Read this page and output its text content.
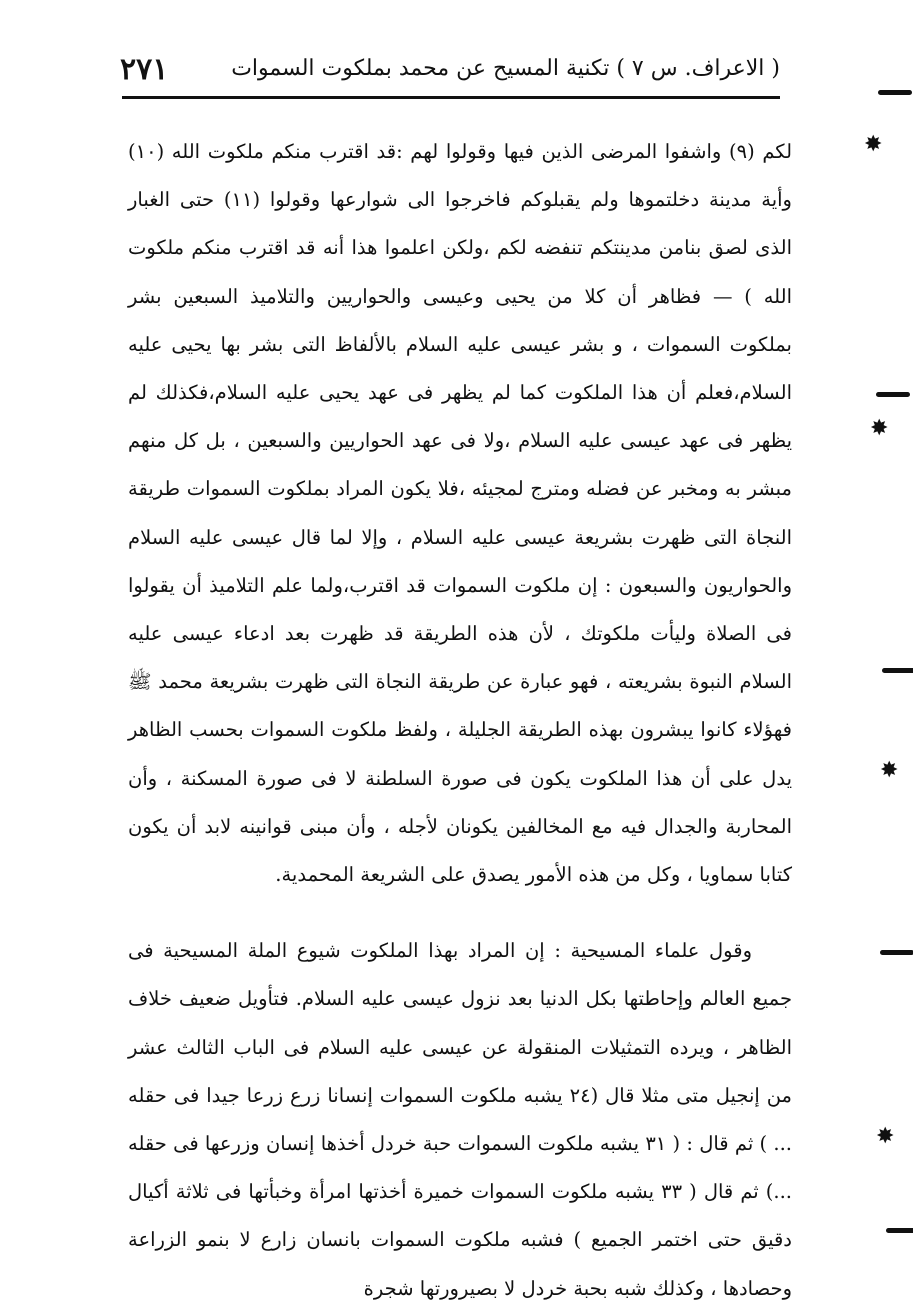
( الاعراف. س ٧ ) تكنية المسيح عن محمد بملكوت السموات
٢٧١

لكم (٩) واشفوا المرضى الذين فيها وقولوا لهم :قد اقترب منكم ملكوت الله (١٠) وأية مدينة دخلتموها ولم يقبلوكم فاخرجوا الى شوارعها وقولوا (١١) حتى الغبار الذى لصق بنامن مدينتكم تنفضه لكم ،ولكن اعلموا هذا أنه قد اقترب منكم ملكوت الله ) — فظاهر أن كلا من يحيى وعيسى والحواريين والتلاميذ السبعين بشر بملكوت السموات ، و بشر عيسى عليه السلام بالألفاظ التى بشر بها يحيى عليه السلام،فعلم أن هذا الملكوت كما لم يظهر فى عهد يحيى عليه السلام،فكذلك لم يظهر فى عهد عيسى عليه السلام ،ولا فى عهد الحواريين والسبعين ، بل كل منهم مبشر به ومخبر عن فضله ومترج لمجيئه ،فلا يكون المراد بملكوت السموات طريقة النجاة التى ظهرت بشريعة عيسى عليه السلام ، وإلا لما قال عيسى عليه السلام والحواريون والسبعون : إن ملكوت السموات قد اقترب،ولما علم التلاميذ أن يقولوا فى الصلاة وليأت ملكوتك ، لأن هذه الطريقة قد ظهرت بعد ادعاء عيسى عليه السلام النبوة بشريعته ، فهو عبارة عن طريقة النجاة التى ظهرت بشريعة محمد ﷺ فهؤلاء كانوا يبشرون بهذه الطريقة الجليلة ، ولفظ ملكوت السموات بحسب الظاهر يدل على أن هذا الملكوت يكون فى صورة السلطنة لا فى صورة المسكنة ، وأن المحاربة والجدال فيه مع المخالفين يكونان لأجله ، وأن مبنى قوانينه لابد أن يكون كتابا سماويا ، وكل من هذه الأمور يصدق على الشريعة المحمدية.

وقول علماء المسيحية : إن المراد بهذا الملكوت شيوع الملة المسيحية فى جميع العالم وإحاطتها بكل الدنيا بعد نزول عيسى عليه السلام. فتأويل ضعيف خلاف الظاهر ، ويرده التمثيلات المنقولة عن عيسى عليه السلام فى الباب الثالث عشر من إنجيل متى مثلا قال (٢٤ يشبه ملكوت السموات إنسانا زرع زرعا جيدا فى حقله ... ) ثم قال : ( ٣١ يشبه ملكوت السموات حبة خردل أخذها إنسان وزرعها فى حقله ...) ثم قال ( ٣٣ يشبه ملكوت السموات خميرة أخذتها امرأة وخبأتها فى ثلاثة أكيال دقيق حتى اختمر الجميع ) فشبه ملكوت السموات بانسان زارع لا بنمو الزراعة وحصادها ، وكذلك شبه بحبة خردل لا بصيرورتها شجرة

✸
✸
✸
✸
